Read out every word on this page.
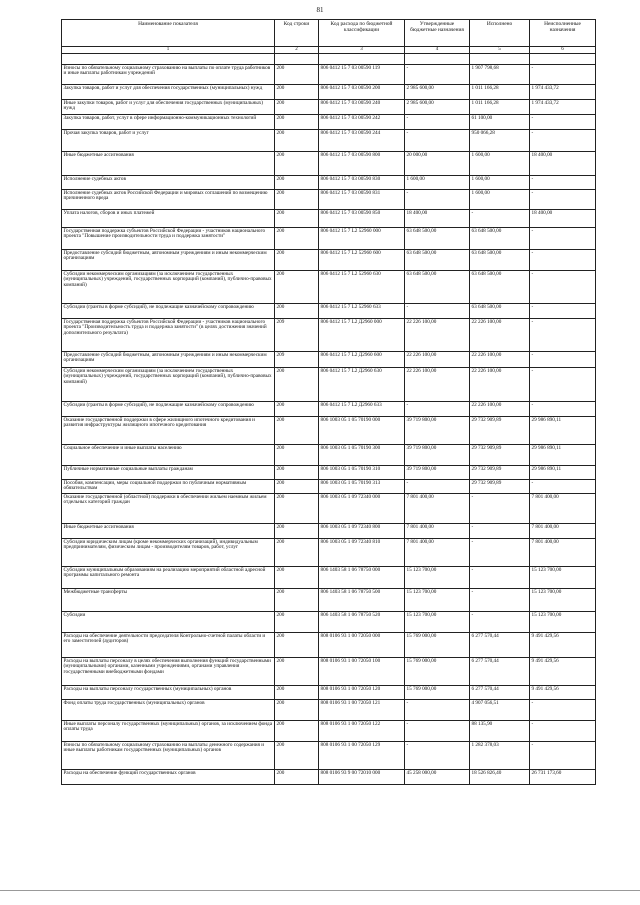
81
Наименование показателя	Код строки	Код расхода по бюджетной классификации	Утвержденные бюджетные назначения	Исполнено	Неисполненные назначения
1	2	3	4	5	6

Взносы по обязательному социальному страхованию на выплаты по оплате труда работников и иные выплаты работникам учреждений	200	806 0412 15 7 03 00590 119	-	1 907 798,68	-
Закупка товаров, работ и услуг для обеспечения государственных (муниципальных) нужд	200	806 0412 15 7 03 00590 200	2 985 600,00	1 011 166,28	1 974 433,72
Иные закупки товаров, работ и услуг для обеспечения государственных (муниципальных) нужд	200	806 0412 15 7 03 00590 240	2 985 600,00	1 011 166,28	1 974 433,72
Закупка товаров, работ, услуг в сфере информационно-коммуникационных технологий	200	806 0412 15 7 03 00590 242	-	61 100,00	-
Прочая закупка товаров, работ и услуг	200	806 0412 15 7 03 00590 244	-	950 066,28	-
Иные бюджетные ассигнования	200	806 0412 15 7 03 00590 800	20 000,00	1 600,00	18 400,00
Исполнение судебных актов	200	806 0412 15 7 03 00590 830	1 600,00	1 600,00	-
Исполнение судебных актов Российской Федерации и мировых соглашений по возмещению причиненного вреда	200	806 0412 15 7 03 00590 831	-	1 600,00	-
Уплата налогов, сборов и иных платежей	200	806 0412 15 7 03 00590 850	18 400,00	-	18 400,00
Государственная поддержка субъектов Российской Федерации - участников национального проекта "Повышение производительности труда и поддержка занятости"	200	806 0412 15 7 L2 52960 000	63 648 500,00	63 648 500,00	-
Предоставление субсидий бюджетным, автономным учреждениям и иным некоммерческим организациям	200	806 0412 15 7 L2 52960 600	63 648 500,00	63 648 500,00	-
Субсидии некоммерческим организациям (за исключением государственных (муниципальных) учреждений, государственных корпораций (компаний), публично-правовых компаний)	200	806 0412 15 7 L2 52960 630	63 648 500,00	63 648 500,00	-
Субсидии (гранты в форме субсидий), не подлежащие казначейскому сопровождению	200	806 0412 15 7 L2 52960 633	-	63 648 500,00	-
Государственная поддержка субъектов Российской Федерации - участников национального проекта "Производительность труда и поддержка занятости" (в целях достижения значений дополнительного результата)	209	806 0412 15 7 L2 Д2960 000	22 226 100,00	22 226 100,00	-
Предоставление субсидий бюджетным, автономным учреждениям и иным некоммерческим организациям	209	806 0412 15 7 L2 Д2960 600	22 226 100,00	22 226 100,00	-
Субсидии некоммерческим организациям (за исключением государственных (муниципальных) учреждений, государственных корпораций (компаний), публично-правовых компаний)	200	806 0412 15 7 L2 Д2960 630	22 226 100,00	22 226 100,00	-
Субсидии (гранты в форме субсидий), не подлежащие казначейскому сопровождению	200	806 0412 15 7 L2 Д2960 633	-	22 226 100,00	-
Оказание государственной поддержки в сфере жилищного ипотечного кредитования и развития инфраструктуры жилищного ипотечного кредитования	200	806 1003 05 1 05 70190 000	39 719 800,00	29 732 909,89	29 986 890,11
Социальное обеспечение и иные выплаты населению	200	806 1003 05 1 05 70190 300	39 719 800,00	29 732 909,89	29 986 890,11
Публичные нормативные социальные выплаты гражданам	200	806 1003 05 1 05 70190 310	39 719 800,00	29 732 909,89	29 986 890,11
Пособия, компенсации, меры социальной поддержки по публичным нормативным обязательствам	200	806 1003 05 1 05 70190 313	-	29 732 909,89	-
Оказание государственной (областной) поддержки в обеспечении жильем наемным жильем отдельных категорий граждан	200	806 1003 05 1 09 72340 000	7 801 400,00	-	7 801 400,00
Иные бюджетные ассигнования	200	806 1003 05 1 09 72340 800	7 801 400,00	-	7 801 400,00
Субсидии юридическим лицам (кроме некоммерческих организаций), индивидуальным предпринимателям, физическим лицам - производителям товаров, работ, услуг	200	806 1003 05 1 09 72340 810	7 801 400,00	-	7 801 400,00
Субсидии муниципальным образованиям на реализацию мероприятий областной адресной программы капитального ремонта	200	806 1403 58 1 06 78750 000	15 123 700,00	-	15 123 700,00
Межбюджетные трансферты	200	806 1403 58 1 06 78750 500	15 123 700,00	-	15 123 700,00
Субсидии	200	806 1403 58 1 06 78750 520	15 123 700,00	-	15 123 700,00
Расходы на обеспечение деятельности председателя Контрольно-счетной палаты области и его заместителей (аудиторов)	200	808 0106 93 1 00 72050 000	15 769 000,00	6 277 570,44	9 491 429,56
Расходы на выплаты персоналу в целях обеспечения выполнения функций государственными (муниципальными) органами, казенными учреждениями, органами управления государственными внебюджетными фондами	200	808 0106 93 1 00 72050 100	15 769 000,00	6 277 570,44	9 491 429,56
Расходы на выплаты персоналу государственных (муниципальных) органов	200	808 0106 93 1 00 72050 120	15 769 000,00	6 277 570,44	9 491 429,56
Фонд оплаты труда государственных (муниципальных) органов	200	808 0106 93 1 00 72050 121	-	4 907 056,51	-
Иные выплаты персоналу государственных (муниципальных) органов, за исключением фонда оплаты труда	200	808 0106 93 1 00 72050 122	-	88 135,90	-
Взносы по обязательному социальному страхованию на выплаты денежного содержания и иные выплаты работникам государственных (муниципальных) органов	200	808 0106 93 1 00 72050 129	-	1 282 378,03	-
Расходы на обеспечение функций государственных органов	200	808 0106 93 9 00 72010 000	45 258 000,00	18 526 826,40	26 731 173,60
